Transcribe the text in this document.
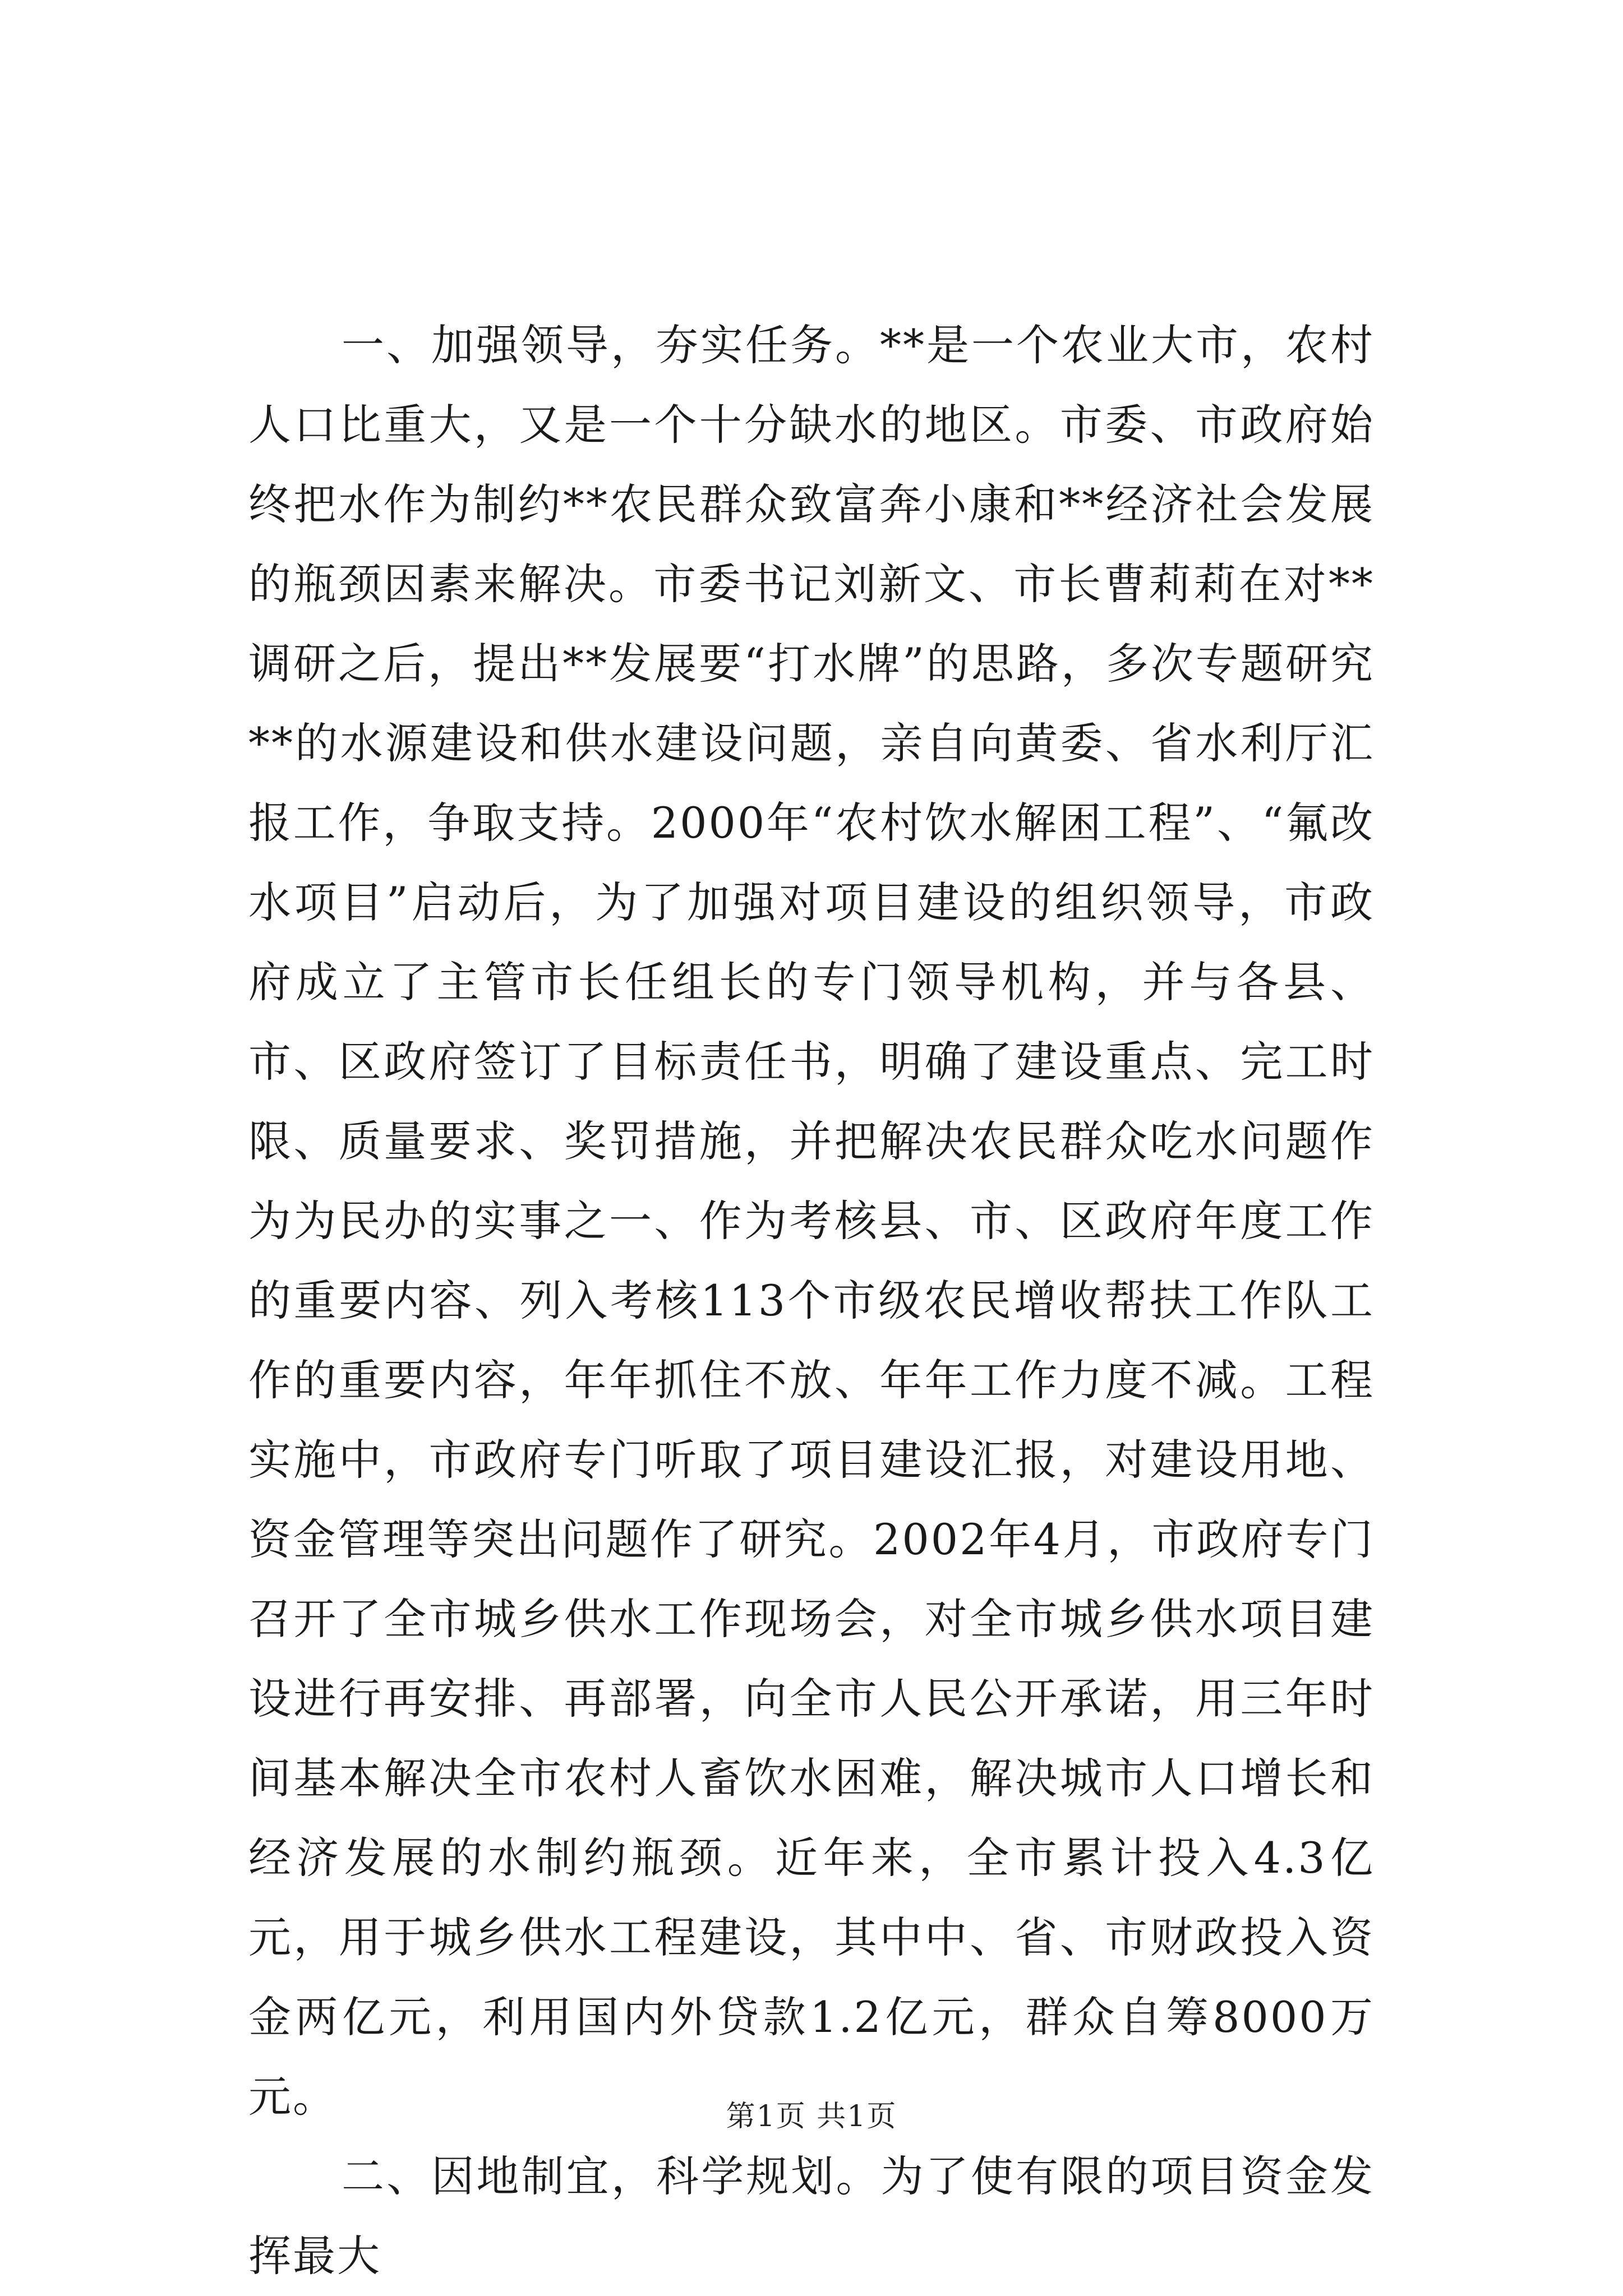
一、加强领导，夯实任务。**是一个农业大市，农村人口比重大，又是一个十分缺水的地区。市委、市政府始终把水作为制约**农民群众致富奔小康和**经济社会发展的瓶颈因素来解决。市委书记刘新文、市长曹莉莉在对**调研之后，提出**发展要“打水牌”的思路，多次专题研究**的水源建设和供水建设问题，亲自向黄委、省水利厅汇报工作，争取支持。2000年“农村饮水解困工程”、“氟改水项目”启动后，为了加强对项目建设的组织领导，市政府成立了主管市长任组长的专门领导机构，并与各县、市、区政府签订了目标责任书，明确了建设重点、完工时限、质量要求、奖罚措施，并把解决农民群众吃水问题作为为民办的实事之一、作为考核县、市、区政府年度工作的重要内容、列入考核113个市级农民增收帮扶工作队工作的重要内容，年年抓住不放、年年工作力度不减。工程实施中，市政府专门听取了项目建设汇报，对建设用地、资金管理等突出问题作了研究。2002年4月，市政府专门召开了全市城乡供水工作现场会，对全市城乡供水项目建设进行再安排、再部署，向全市人民公开承诺，用三年时间基本解决全市农村人畜饮水困难，解决城市人口增长和经济发展的水制约瓶颈。近年来，全市累计投入4.3亿元，用于城乡供水工程建设，其中中、省、市财政投入资金两亿元，利用国内外贷款1.2亿元，群众自筹8000万元。

二、因地制宜，科学规划。为了使有限的项目资金发挥最大

第1页 共1页
